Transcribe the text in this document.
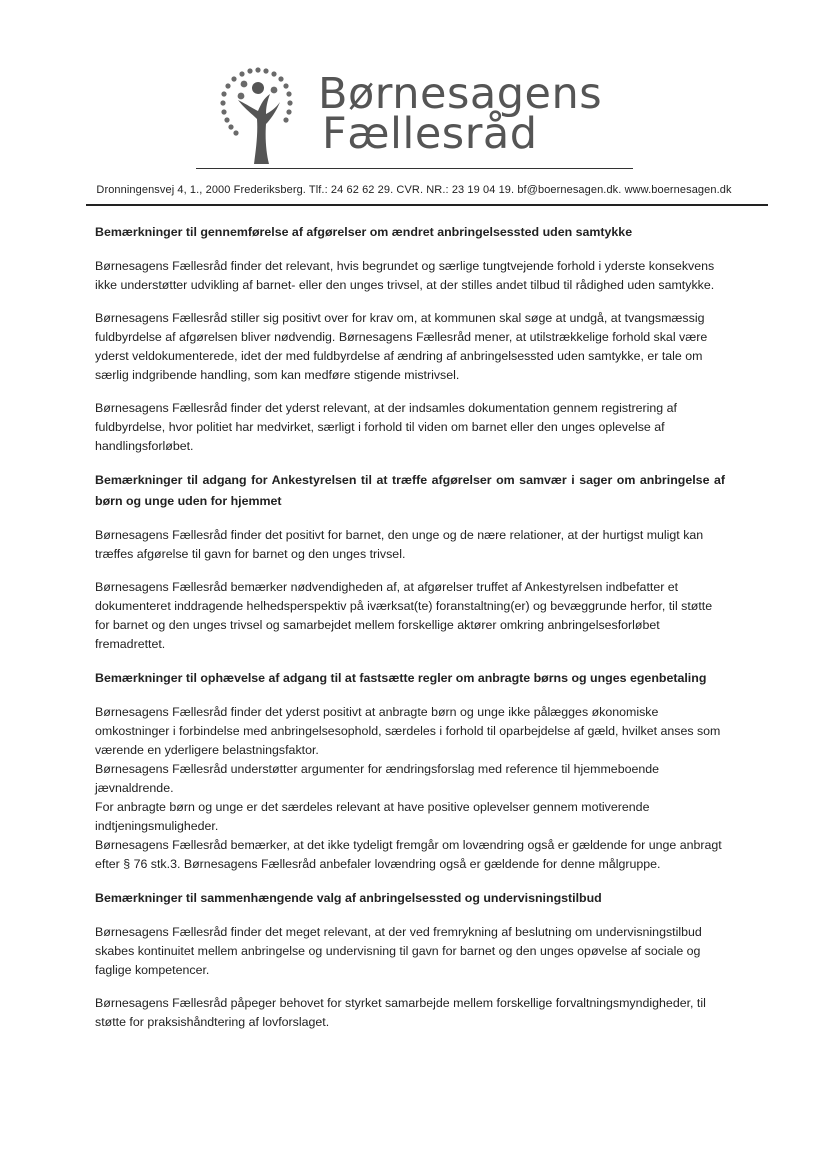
Børnesagens
Fællesråd
Dronningensvej 4, 1., 2000 Frederiksberg. Tlf.: 24 62 62 29. CVR. NR.: 23 19 04 19. bf@boernesagen.dk. www.boernesagen.dk
Bemærkninger til gennemførelse af afgørelser om ændret anbringelsessted uden samtykke

Børnesagens Fællesråd finder det relevant, hvis begrundet og særlige tungtvejende forhold i yderste konsekvens ikke understøtter udvikling af barnet- eller den unges trivsel, at der stilles andet tilbud til rådighed uden samtykke.

Børnesagens Fællesråd stiller sig positivt over for krav om, at kommunen skal søge at undgå, at tvangsmæssig fuldbyrdelse af afgørelsen bliver nødvendig. Børnesagens Fællesråd mener, at utilstrækkelige forhold skal være yderst veldokumenterede, idet der med fuldbyrdelse af ændring af anbringelsessted uden samtykke, er tale om særlig indgribende handling, som kan medføre stigende mistrivsel.

Børnesagens Fællesråd finder det yderst relevant, at der indsamles dokumentation gennem registrering af fuldbyrdelse, hvor politiet har medvirket, særligt i forhold til viden om barnet eller den unges oplevelse af handlingsforløbet.

Bemærkninger til adgang for Ankestyrelsen til at træffe afgørelser om samvær i sager om anbringelse af børn og unge uden for hjemmet

Børnesagens Fællesråd finder det positivt for barnet, den unge og de nære relationer, at der hurtigst muligt kan træffes afgørelse til gavn for barnet og den unges trivsel.

Børnesagens Fællesråd bemærker nødvendigheden af, at afgørelser truffet af Ankestyrelsen indbefatter et dokumenteret inddragende helhedsperspektiv på iværksat(te) foranstaltning(er) og bevæggrunde herfor, til støtte for barnet og den unges trivsel og samarbejdet mellem forskellige aktører omkring anbringelsesforløbet fremadrettet.

Bemærkninger til ophævelse af adgang til at fastsætte regler om anbragte børns og unges egenbetaling

Børnesagens Fællesråd finder det yderst positivt at anbragte børn og unge ikke pålægges økonomiske omkostninger i forbindelse med anbringelsesophold, særdeles i forhold til oparbejdelse af gæld, hvilket anses som værende en yderligere belastningsfaktor.

Børnesagens Fællesråd understøtter argumenter for ændringsforslag med reference til hjemmeboende jævnaldrende.

For anbragte børn og unge er det særdeles relevant at have positive oplevelser gennem motiverende indtjeningsmuligheder.

Børnesagens Fællesråd bemærker, at det ikke tydeligt fremgår om lovændring også er gældende for unge anbragt efter § 76 stk.3. Børnesagens Fællesråd anbefaler lovændring også er gældende for denne målgruppe.

Bemærkninger til sammenhængende valg af anbringelsessted og undervisningstilbud

Børnesagens Fællesråd finder det meget relevant, at der ved fremrykning af beslutning om undervisningstilbud skabes kontinuitet mellem anbringelse og undervisning til gavn for barnet og den unges opøvelse af sociale og faglige kompetencer.

Børnesagens Fællesråd påpeger behovet for styrket samarbejde mellem forskellige forvaltningsmyndigheder, til støtte for praksishåndtering af lovforslaget.
